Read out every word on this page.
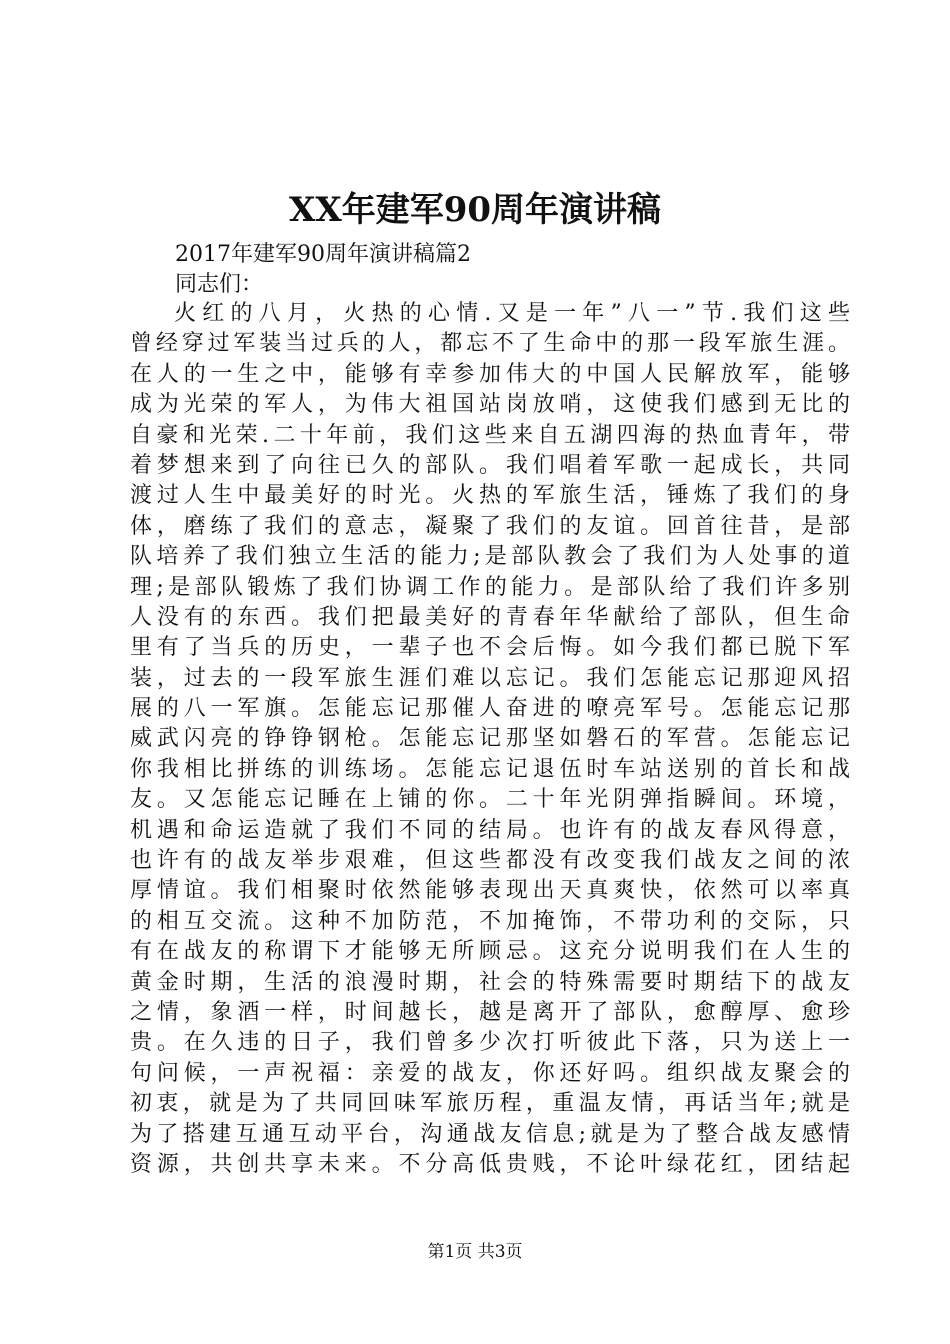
XX年建军90周年演讲稿
2017年建军90周年演讲稿篇2
同志们：
火红的八月，火热的心情.又是一年”八一”节.我们这些
曾经穿过军装当过兵的人，都忘不了生命中的那一段军旅生涯。
在人的一生之中，能够有幸参加伟大的中国人民解放军，能够
成为光荣的军人，为伟大祖国站岗放哨，这使我们感到无比的
自豪和光荣.二十年前，我们这些来自五湖四海的热血青年，带
着梦想来到了向往已久的部队。我们唱着军歌一起成长，共同
渡过人生中最美好的时光。火热的军旅生活，锤炼了我们的身
体，磨练了我们的意志，凝聚了我们的友谊。回首往昔，是部
队培养了我们独立生活的能力;是部队教会了我们为人处事的道
理;是部队锻炼了我们协调工作的能力。是部队给了我们许多别
人没有的东西。我们把最美好的青春年华献给了部队，但生命
里有了当兵的历史，一辈子也不会后悔。如今我们都已脱下军
装，过去的一段军旅生涯们难以忘记。我们怎能忘记那迎风招
展的八一军旗。怎能忘记那催人奋进的嘹亮军号。怎能忘记那
威武闪亮的铮铮钢枪。怎能忘记那坚如磐石的军营。怎能忘记
你我相比拼练的训练场。怎能忘记退伍时车站送别的首长和战
友。又怎能忘记睡在上铺的你。二十年光阴弹指瞬间。环境，
机遇和命运造就了我们不同的结局。也许有的战友春风得意，
也许有的战友举步艰难，但这些都没有改变我们战友之间的浓
厚情谊。我们相聚时依然能够表现出天真爽快，依然可以率真
的相互交流。这种不加防范，不加掩饰，不带功利的交际，只
有在战友的称谓下才能够无所顾忌。这充分说明我们在人生的
黄金时期，生活的浪漫时期，社会的特殊需要时期结下的战友
之情，象酒一样，时间越长，越是离开了部队，愈醇厚、愈珍
贵。在久违的日子，我们曾多少次打听彼此下落，只为送上一
句问候，一声祝福：亲爱的战友，你还好吗。组织战友聚会的
初衷，就是为了共同回味军旅历程，重温友情，再话当年;就是
为了搭建互通互动平台，沟通战友信息;就是为了整合战友感情
资源，共创共享未来。不分高低贵贱，不论叶绿花红，团结起
第1页 共3页
